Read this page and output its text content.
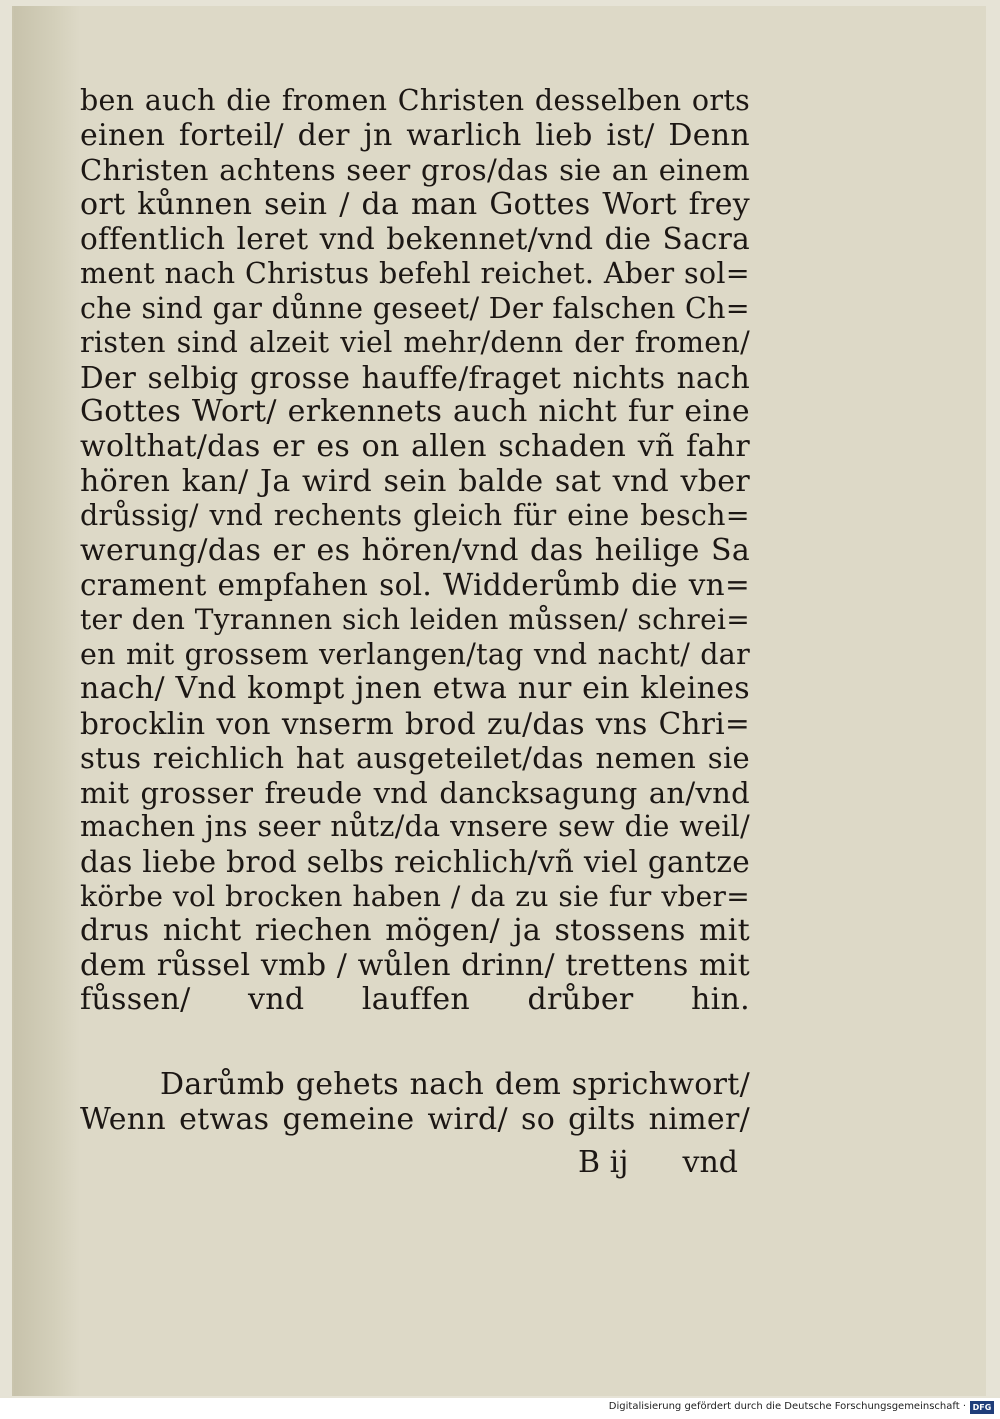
ben auch die fromen Christen desselben orts
einen forteil/ der jn warlich lieb ist/ Denn
Christen achtens seer gros/das sie an einem
ort kůnnen sein / da man Gottes Wort frey
offentlich leret vnd bekennet/vnd die Sacra
ment nach Christus befehl reichet. Aber sol=
che sind gar důnne geseet/ Der falschen Ch=
risten sind alzeit viel mehr/denn der fromen/
Der selbig grosse hauffe/fraget nichts nach
Gottes Wort/ erkennets auch nicht fur eine
wolthat/das er es on allen schaden vñ fahr
hören kan/ Ja wird sein balde sat vnd vber
drůssig/ vnd rechents gleich für eine besch=
werung/das er es hören/vnd das heilige Sa
crament empfahen sol. Widderůmb die vn=
ter den Tyrannen sich leiden můssen/ schrei=
en mit grossem verlangen/tag vnd nacht/ dar
nach/ Vnd kompt jnen etwa nur ein kleines
brocklin von vnserm brod zu/das vns Chri=
stus reichlich hat ausgeteilet/das nemen sie
mit grosser freude vnd dancksagung an/vnd
machen jns seer nůtz/da vnsere sew die weil/
das liebe brod selbs reichlich/vñ viel gantze
körbe vol brocken haben / da zu sie fur vber=
drus nicht riechen mögen/ ja stossens mit
dem růssel vmb / wůlen drinn/ trettens mit
fůssen/ vnd lauffen drůber hin.
Darůmb gehets nach dem sprichwort/
Wenn etwas gemeine wird/ so gilts nimer/
B ij vnd
Digitalisierung gefördert durch die Deutsche Forschungsgemeinschaft · DFG
